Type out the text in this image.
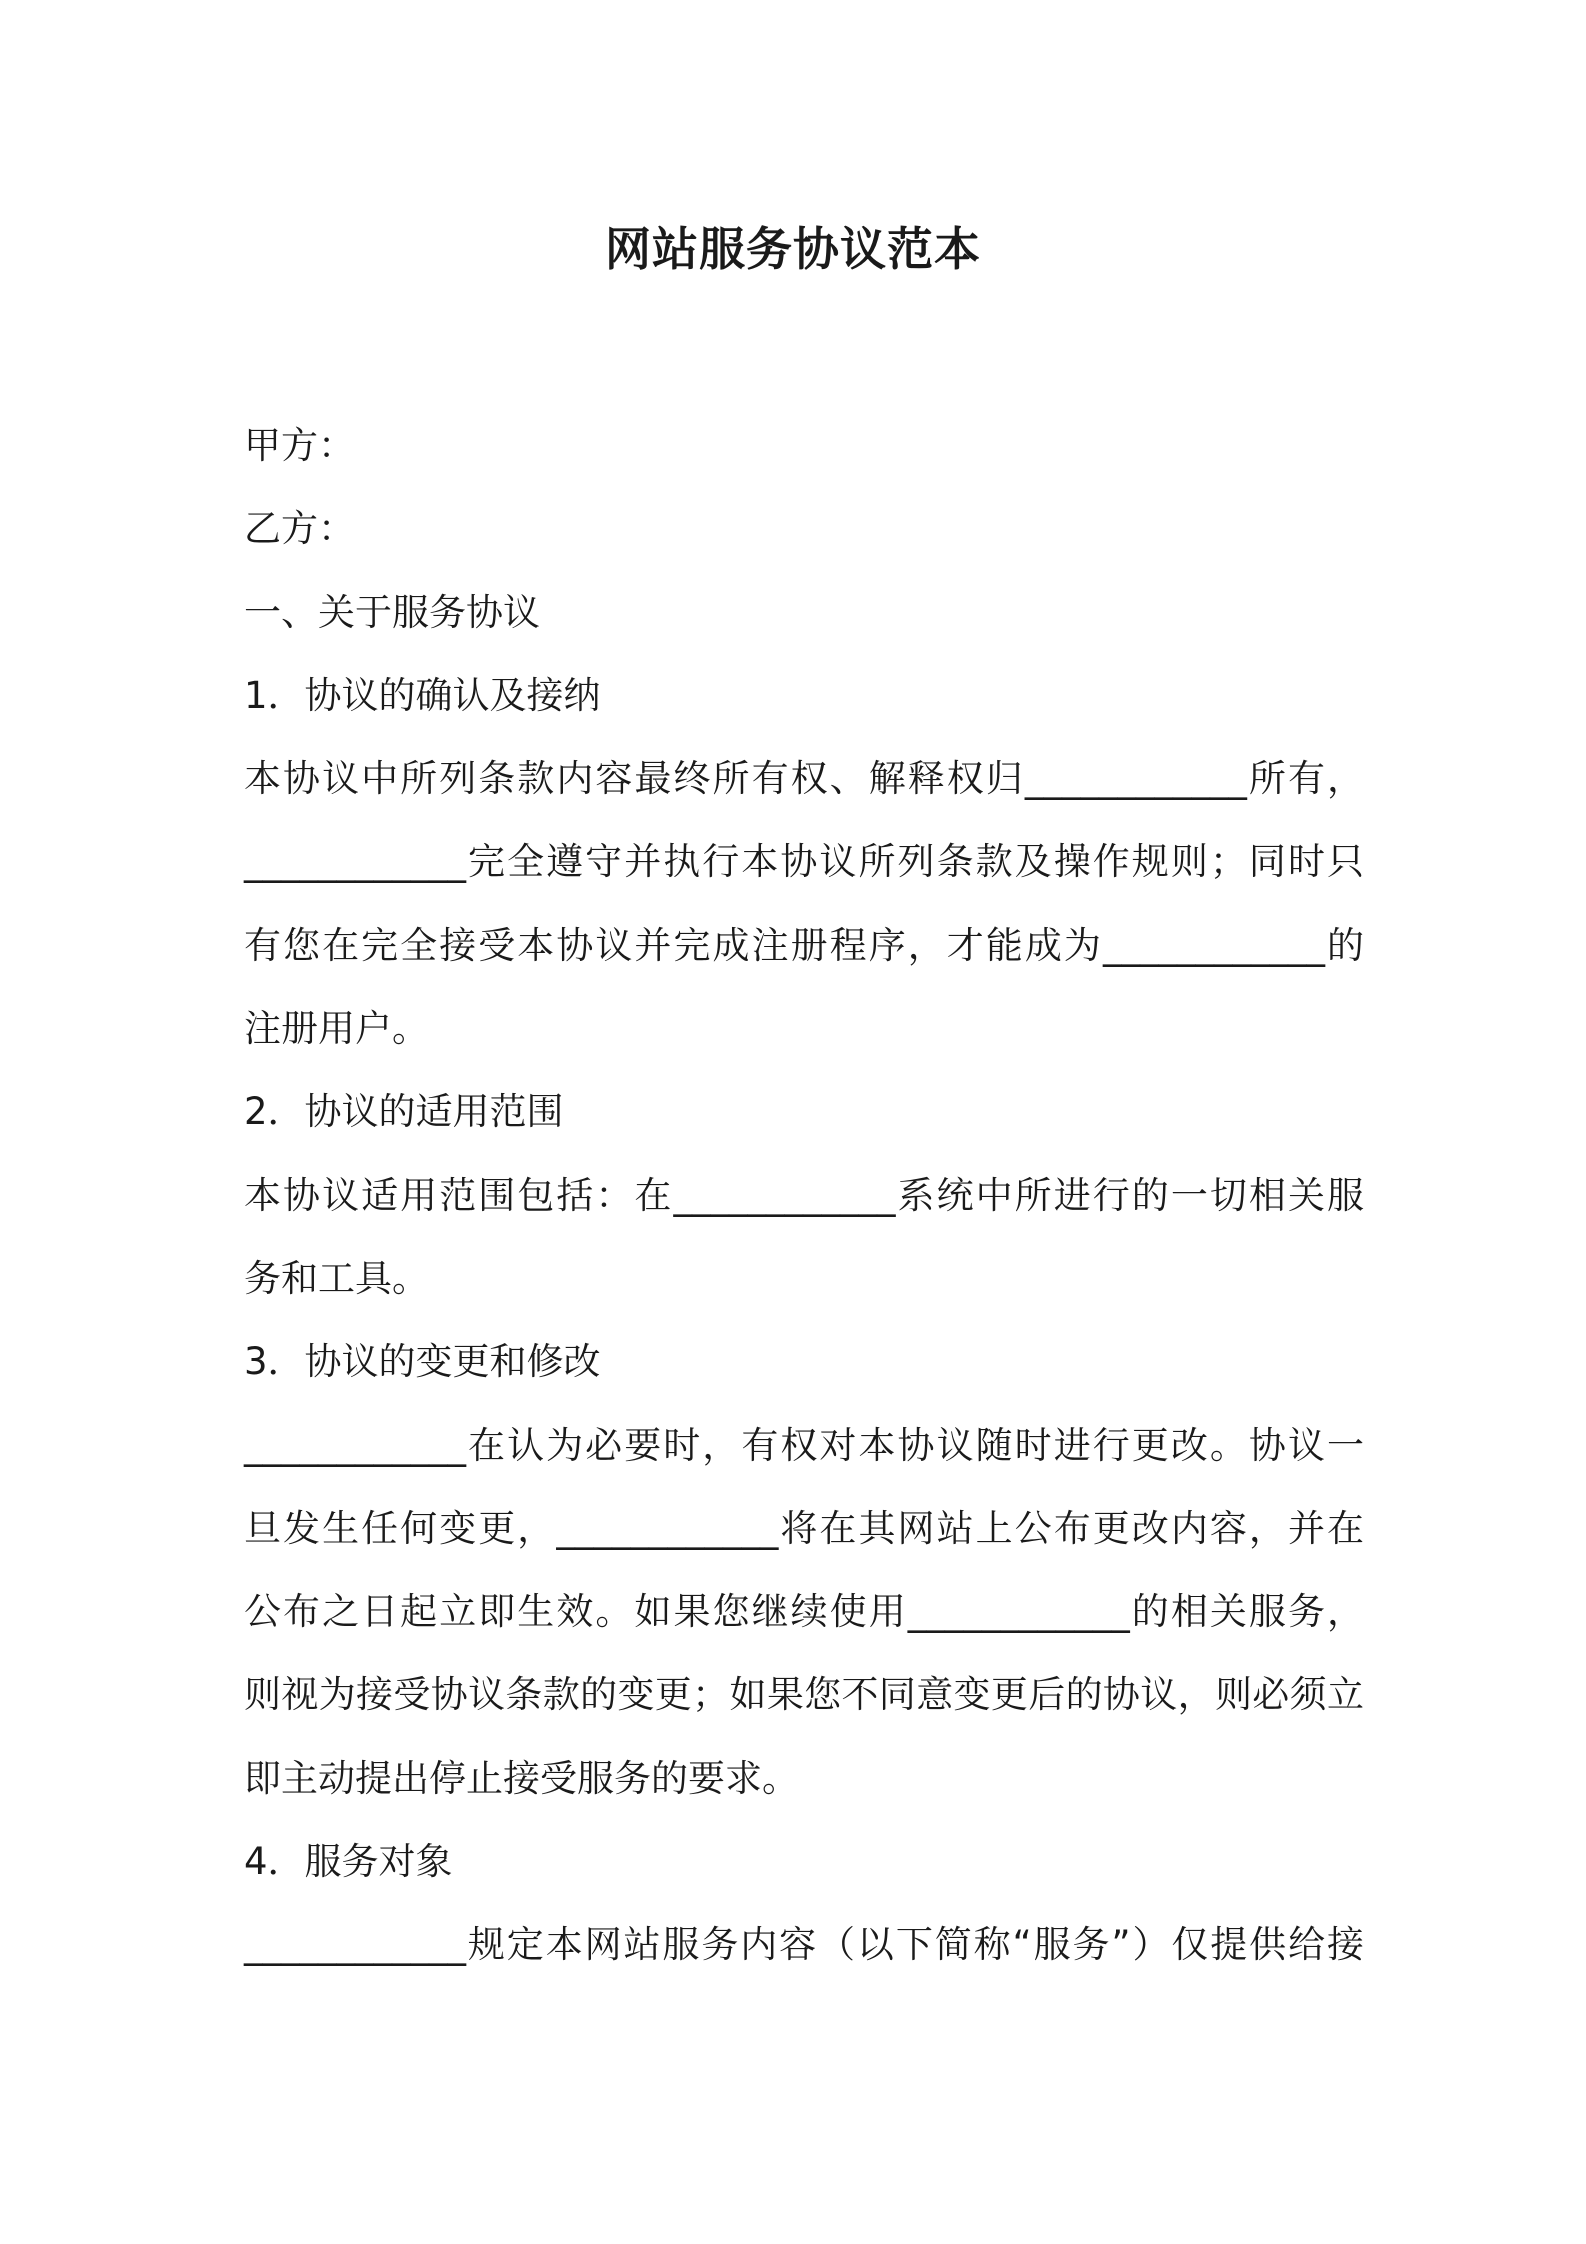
网站服务协议范本
甲方：
乙方：
一、关于服务协议
1．协议的确认及接纳
本协议中所列条款内容最终所有权、解释权归____________所有，
____________完全遵守并执行本协议所列条款及操作规则；同时只
有您在完全接受本协议并完成注册程序，才能成为____________的
注册用户。
2．协议的适用范围
本协议适用范围包括：在____________系统中所进行的一切相关服
务和工具。
3．协议的变更和修改
____________在认为必要时，有权对本协议随时进行更改。协议一
旦发生任何变更，____________将在其网站上公布更改内容，并在
公布之日起立即生效。如果您继续使用____________的相关服务，
则视为接受协议条款的变更；如果您不同意变更后的协议，则必须立
即主动提出停止接受服务的要求。
4．服务对象
____________规定本网站服务内容（以下简称“服务”）仅提供给接
